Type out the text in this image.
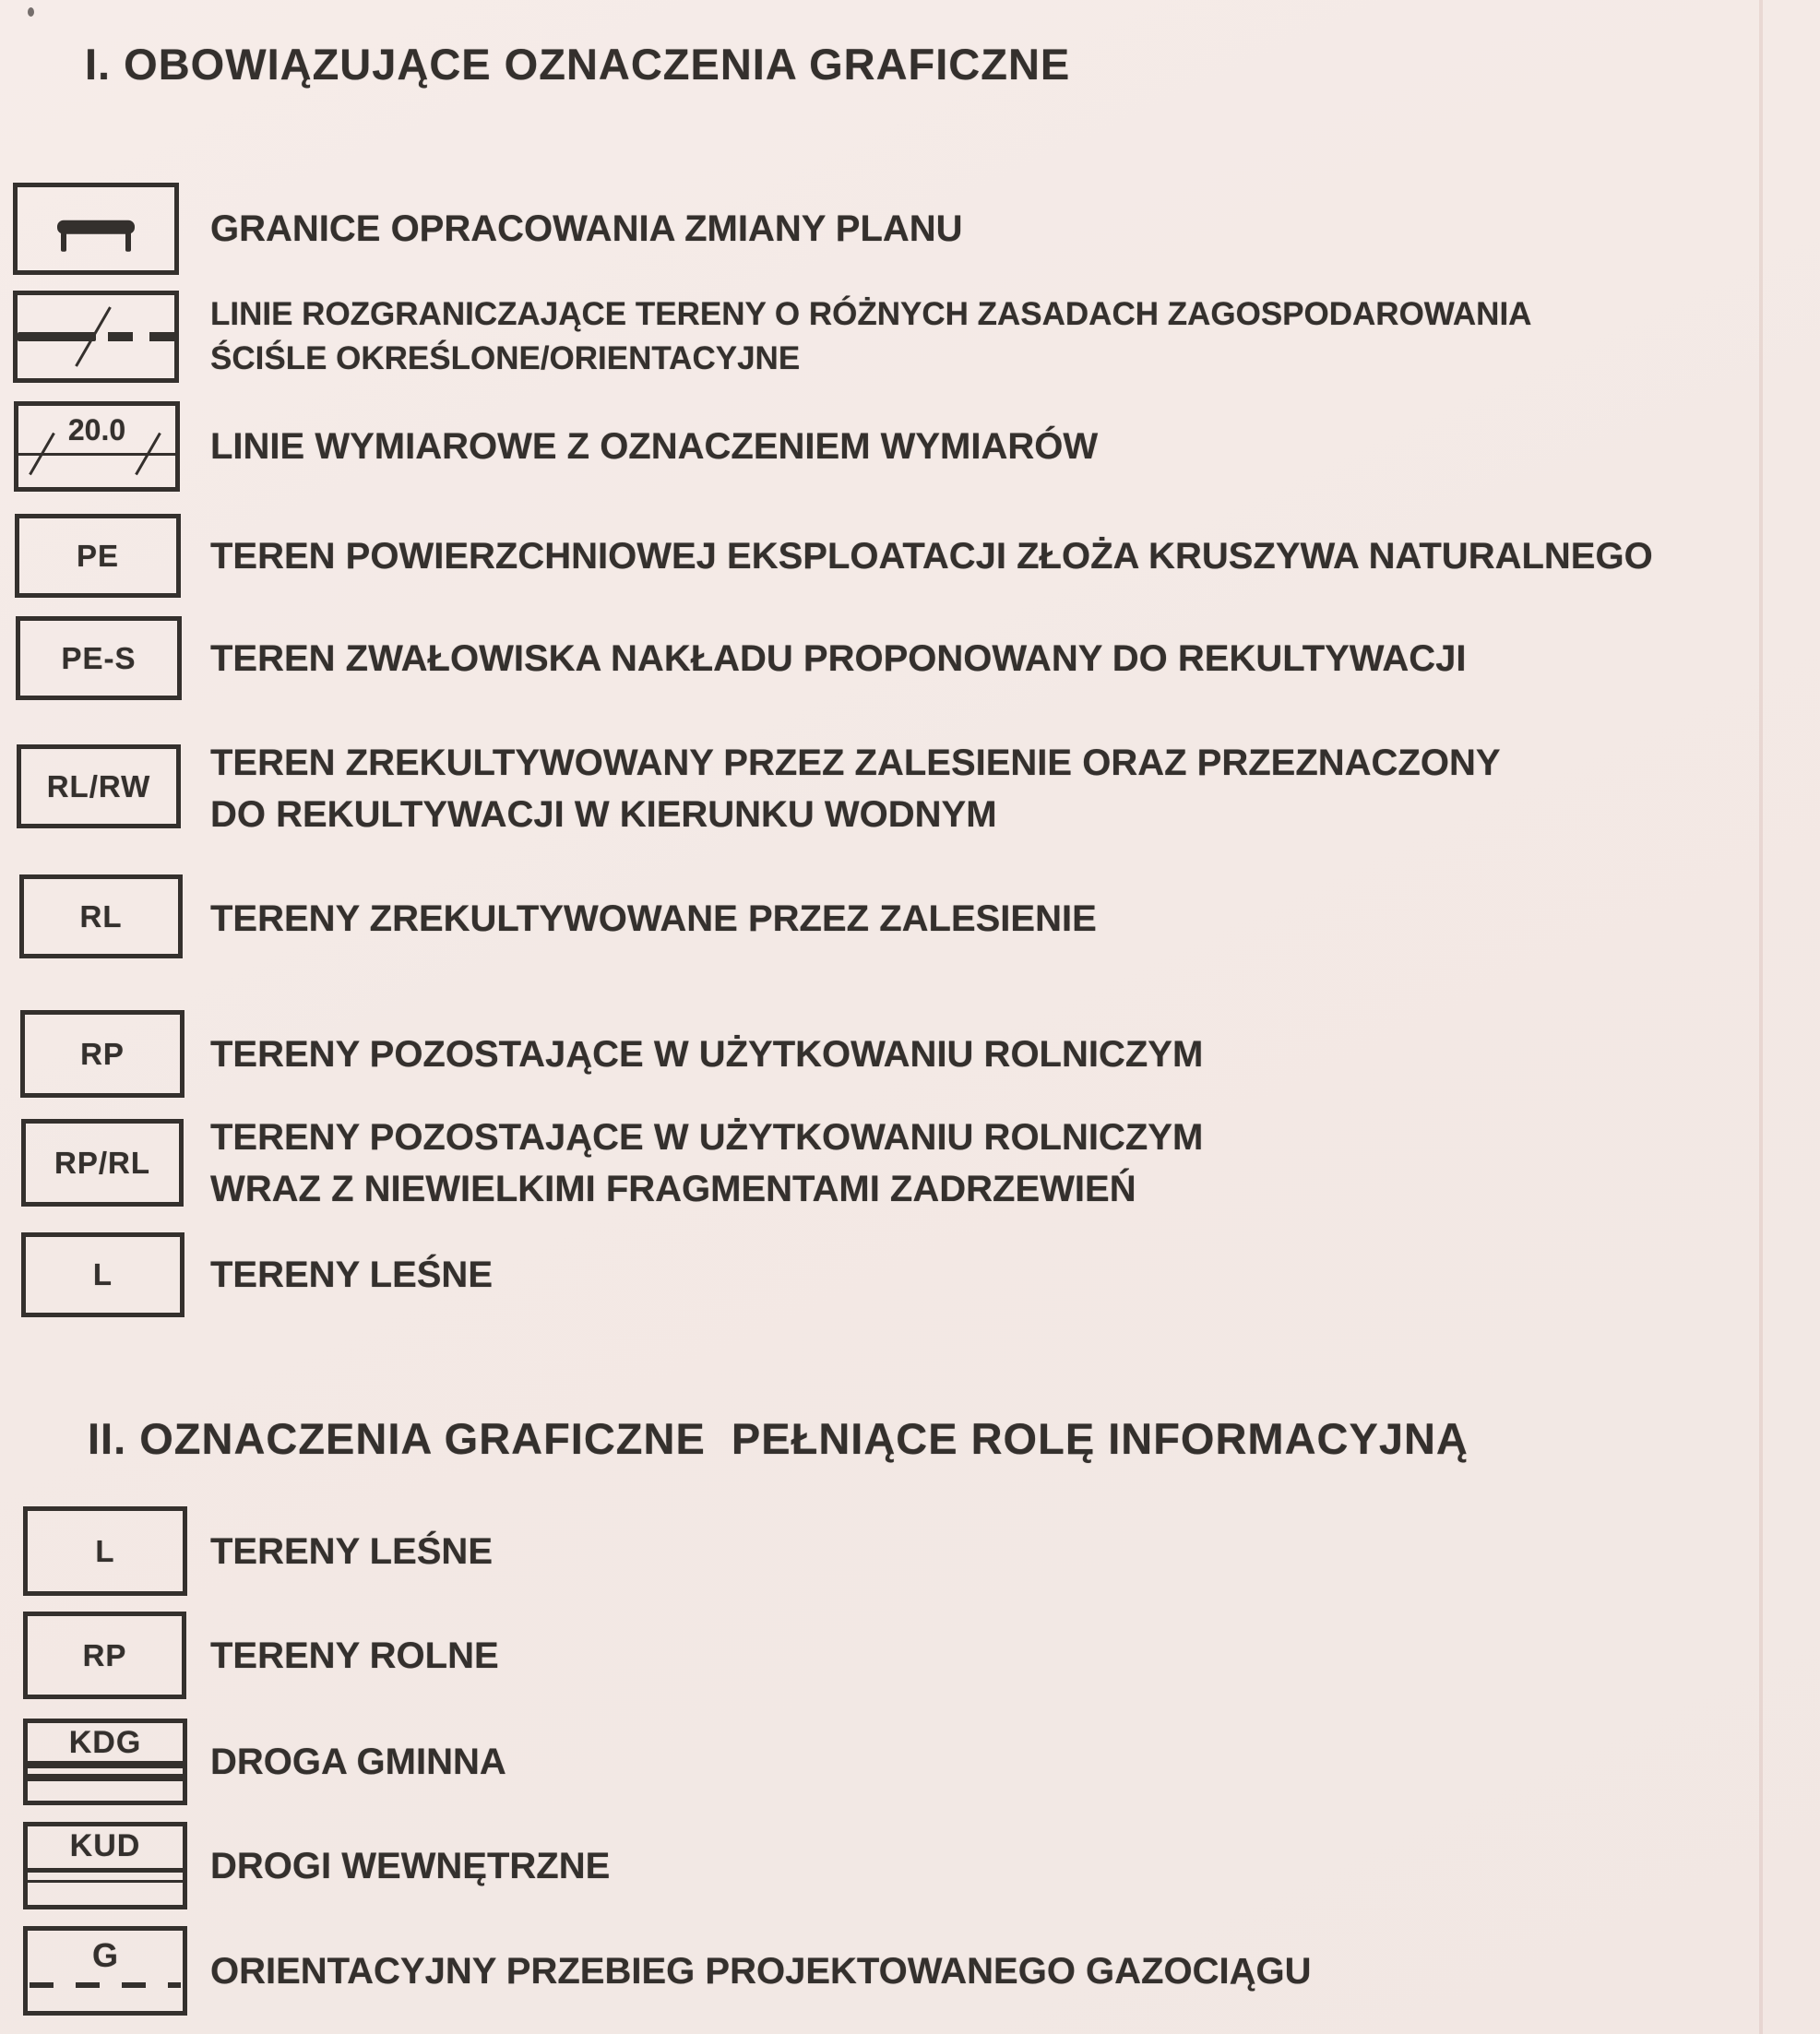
I. OBOWIĄZUJĄCE OZNACZENIA GRAFICZNE
GRANICE OPRACOWANIA ZMIANY PLANU
LINIE ROZGRANICZAJĄCE TERENY O RÓŻNYCH ZASADACH ZAGOSPODAROWANIA
ŚCIŚLE OKREŚLONE/ORIENTACYJNE
20.0	LINIE WYMIAROWE Z OZNACZENIEM WYMIARÓW
PE TEREN POWIERZCHNIOWEJ EKSPLOATACJI ZŁOŻA KRUSZYWA NATURALNEGO
PE-S TEREN ZWAŁOWISKA NAKŁADU PROPONOWANY DO REKULTYWACJI
RL/RW
TEREN ZREKULTYWOWANY PRZEZ ZALESIENIE ORAZ PRZEZNACZONY
DO REKULTYWACJI W KIERUNKU WODNYM
RL TERENY ZREKULTYWOWANE PRZEZ ZALESIENIE
RP TERENY POZOSTAJĄCE W UŻYTKOWANIU ROLNICZYM
RP/RL
TERENY POZOSTAJĄCE W UŻYTKOWANIU ROLNICZYM
WRAZ Z NIEWIELKIMI FRAGMENTAMI ZADRZEWIEŃ
L	TERENY LEŚNE
II. OZNACZENIA GRAFICZNE  PEŁNIĄCE ROLĘ INFORMACYJNĄ
L	TERENY LEŚNE
RP TERENY ROLNE
KDG	DROGA GMINNA
KUD	DROGI WEWNĘTRZNE
G	ORIENTACYJNY PRZEBIEG PROJEKTOWANEGO GAZOCIĄGU
